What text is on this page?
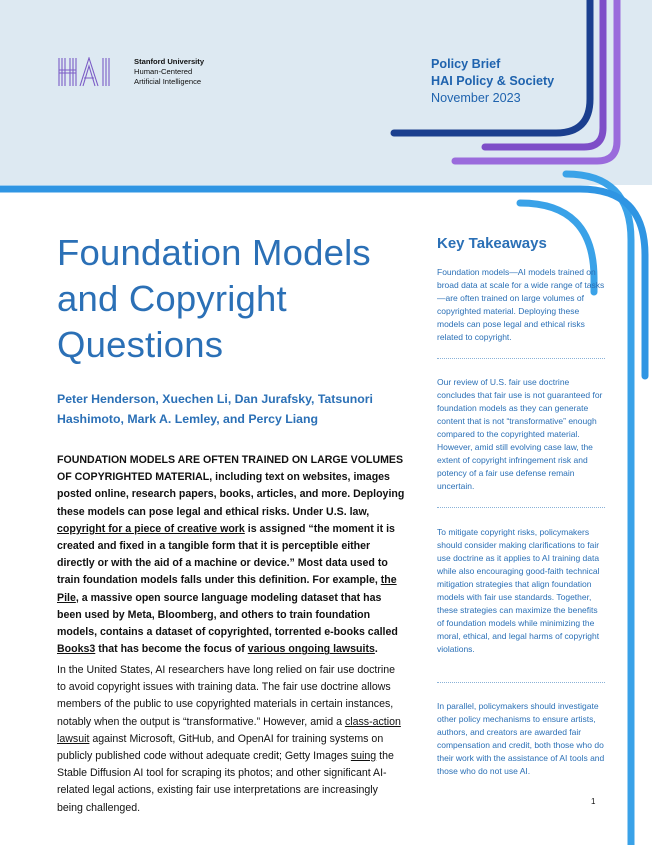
Stanford University
Human-Centered
Artificial Intelligence
Policy Brief
HAI Policy & Society
November 2023
Foundation Models and Copyright Questions
Peter Henderson, Xuechen Li, Dan Jurafsky, Tatsunori Hashimoto, Mark A. Lemley, and Percy Liang

FOUNDATION MODELS ARE OFTEN TRAINED ON LARGE VOLUMES OF COPYRIGHTED MATERIAL, including text on websites, images posted online, research papers, books, articles, and more. Deploying these models can pose legal and ethical risks. Under U.S. law, copyright for a piece of creative work is assigned “the moment it is created and fixed in a tangible form that it is perceptible either directly or with the aid of a machine or device.” Most data used to train foundation models falls under this definition. For example, the Pile, a massive open source language modeling dataset that has been used by Meta, Bloomberg, and others to train foundation models, contains a dataset of copyrighted, torrented e-books called Books3 that has become the focus of various ongoing lawsuits.

In the United States, AI researchers have long relied on fair use doctrine to avoid copyright issues with training data. The fair use doctrine allows members of the public to use copyrighted materials in certain instances, notably when the output is “transformative.” However, amid a class-action lawsuit against Microsoft, GitHub, and OpenAI for training systems on publicly published code without adequate credit; Getty Images suing the Stable Diffusion AI tool for scraping its photos; and other significant AI-related legal actions, existing fair use interpretations are increasingly being challenged.

Key Takeaways

Foundation models—AI models trained on broad data at scale for a wide range of tasks—are often trained on large volumes of copyrighted material. Deploying these models can pose legal and ethical risks related to copyright.

Our review of U.S. fair use doctrine concludes that fair use is not guaranteed for foundation models as they can generate content that is not “transformative” enough compared to the copyrighted material. However, amid still evolving case law, the extent of copyright infringement risk and potency of a fair use defense remain uncertain.

To mitigate copyright risks, policymakers should consider making clarifications to fair use doctrine as it applies to AI training data while also encouraging good-faith technical mitigation strategies that align foundation models with fair use standards. Together, these strategies can maximize the benefits of foundation models while minimizing the moral, ethical, and legal harms of copyright violations.

In parallel, policymakers should investigate other policy mechanisms to ensure artists, authors, and creators are awarded fair compensation and credit, both those who do their work with the assistance of AI tools and those who do not use AI.

1
